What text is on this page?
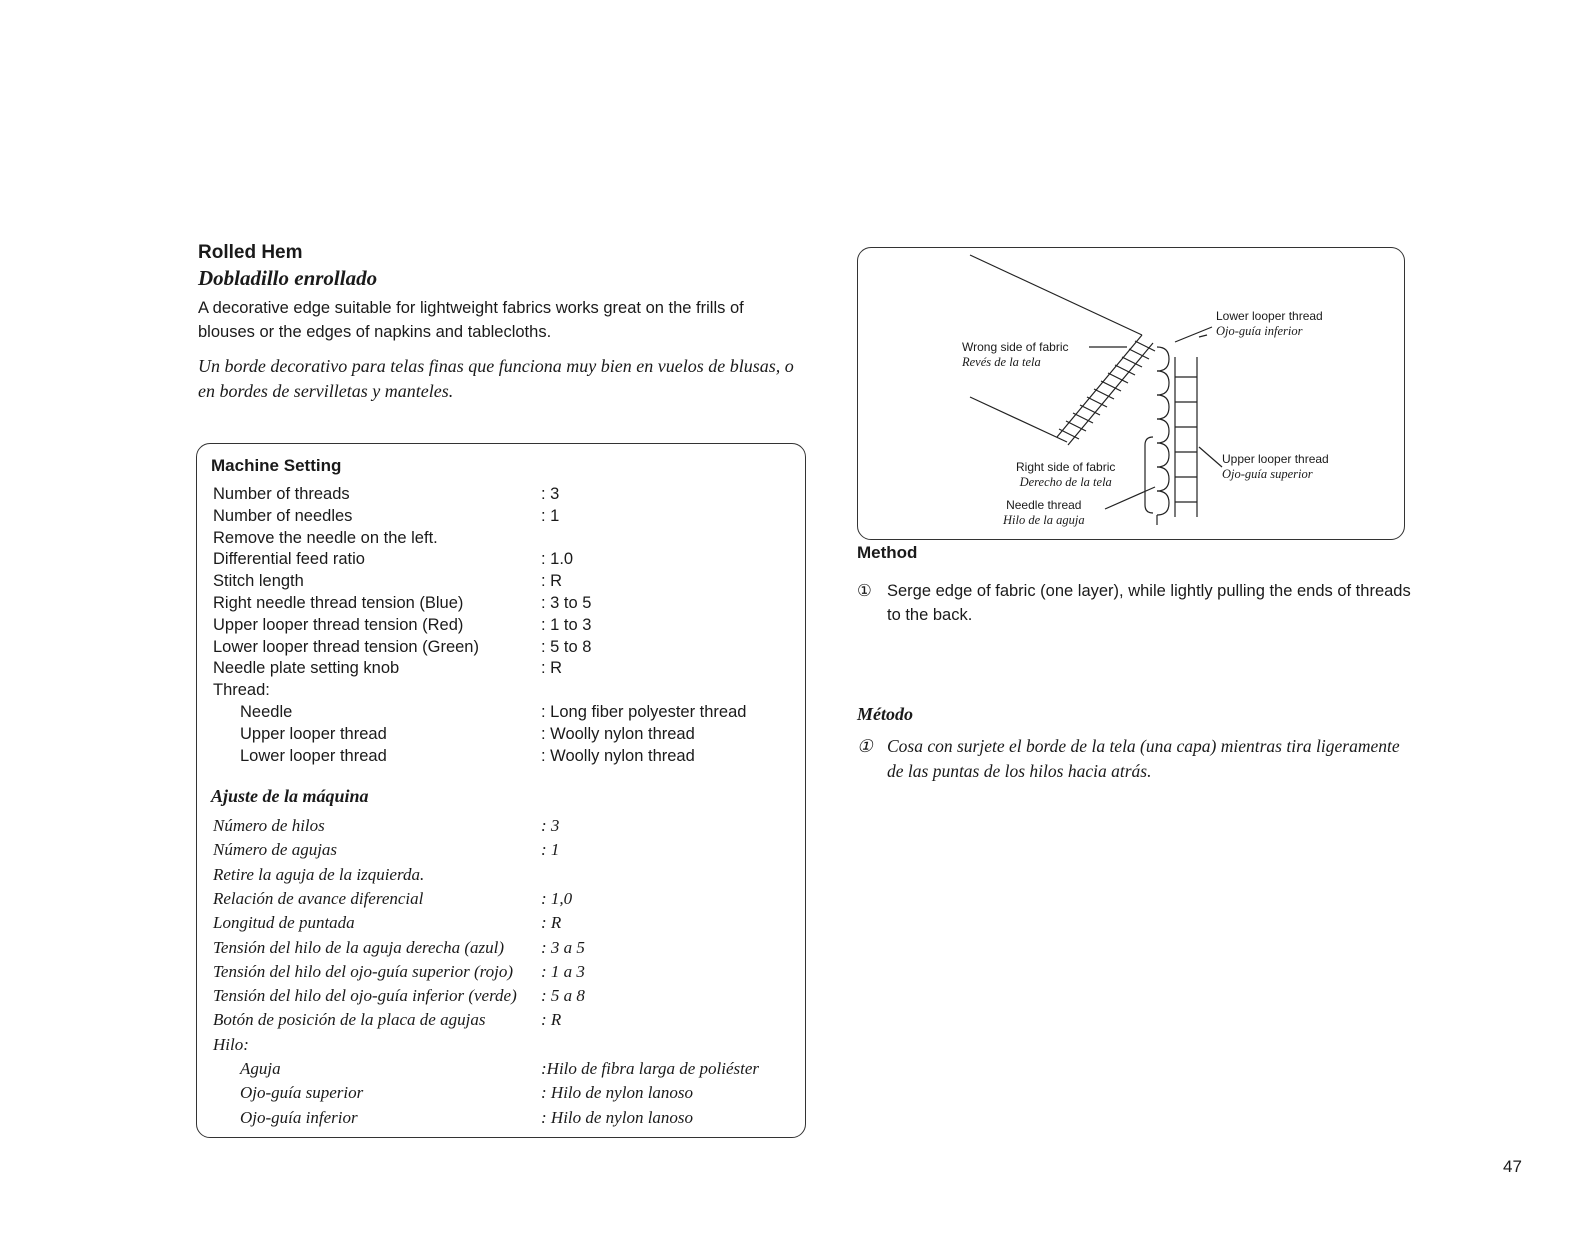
Rolled Hem
Dobladillo enrollado
A decorative edge suitable for lightweight fabrics works great on the frills of blouses or the edges of napkins and tablecloths.
Un borde decorativo para telas finas que funciona muy bien en vuelos de blusas, o en bordes de servilletas y manteles.
Machine Setting
Number of threads	: 3
Number of needles	: 1
Remove the needle on the left.
Differential feed ratio	: 1.0
Stitch length	: R
Right needle thread tension (Blue)	: 3 to 5
Upper looper thread tension (Red)	: 1 to 3
Lower looper thread tension (Green)	: 5 to 8
Needle plate setting knob	: R
Thread:
Needle	: Long fiber polyester thread
Upper looper thread	: Woolly nylon thread
Lower looper thread	: Woolly nylon thread
Ajuste de la máquina
Número de hilos	: 3
Número de agujas	: 1
Retire la aguja de la izquierda.
Relación de avance diferencial	: 1,0
Longitud de puntada	: R
Tensión del hilo de la aguja derecha (azul) : 3 a 5
Tensión del hilo del ojo-guía superior (rojo) : 1 a 3
Tensión del hilo del ojo-guía inferior (verde) : 5 a 8
Botón de posición de la placa de agujas	: R
Hilo:
Aguja	:Hilo de fibra larga de poliéster
Ojo-guía superior	: Hilo de nylon lanoso
Ojo-guía inferior	: Hilo de nylon lanoso
Wrong side of fabric
Revés de la tela
Right side of fabric
Derecho de la tela
Needle thread
Hilo de la aguja
Lower looper thread
Ojo-guía inferior
Upper looper thread
Ojo-guía superior
Method
① Serge edge of fabric (one layer), while lightly pulling the ends of threads to the back.
Método
① Cosa con surjete el borde de la tela (una capa) mientras tira ligeramente de las puntas de los hilos hacia atrás.
47
